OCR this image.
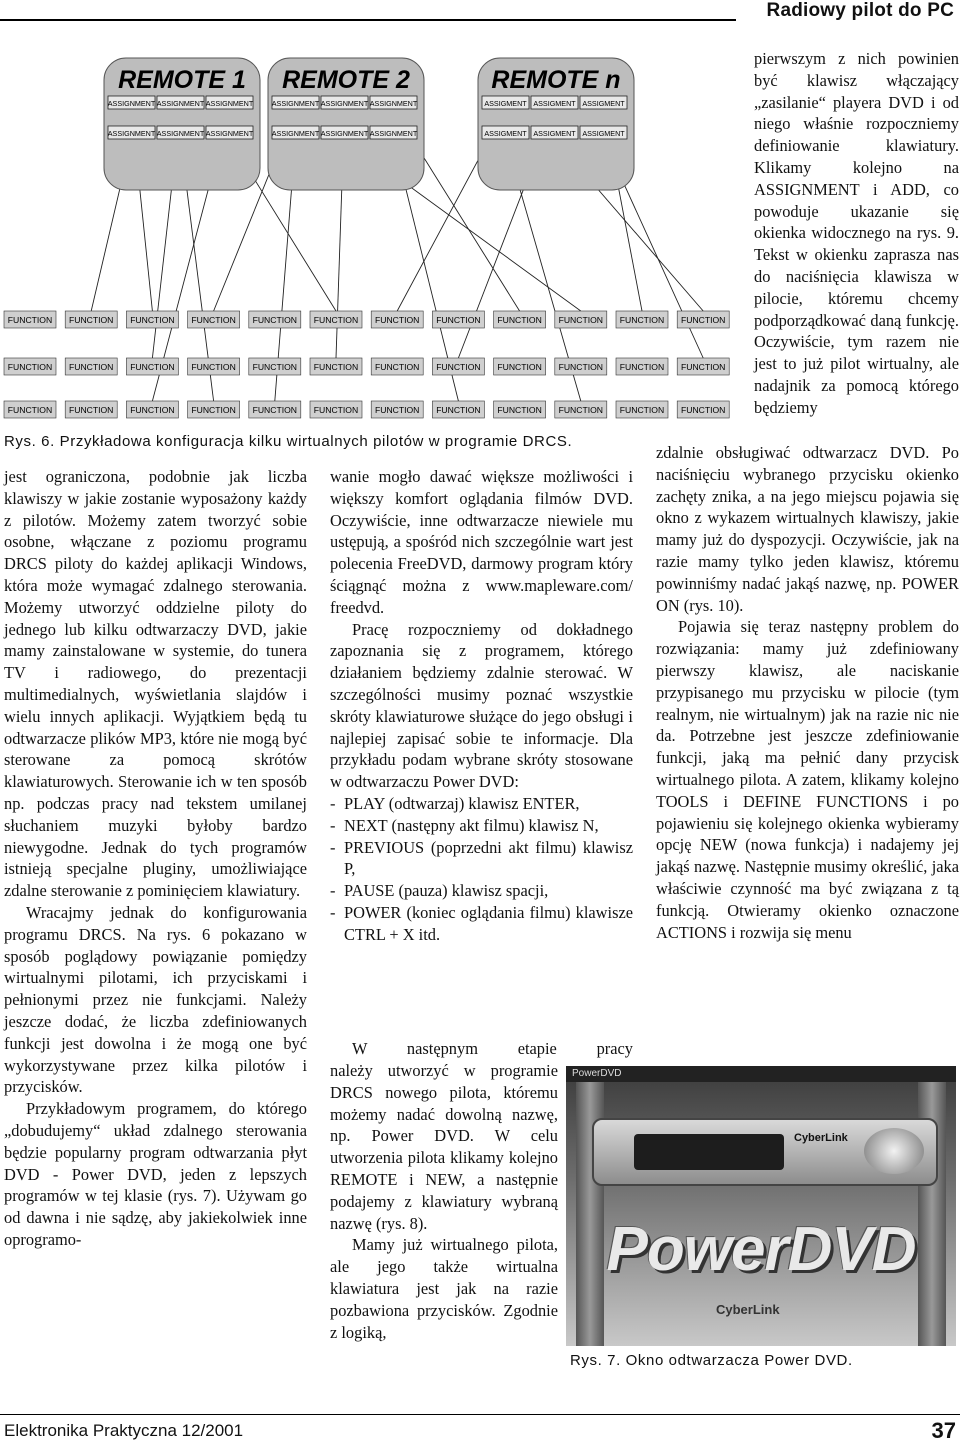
Radiowy pilot do PC
REMOTE 1 REMOTE 2	REMOTE n
ASSIGNMENT ASSIGNMENT ASSIGNMENT
ASSIGNMENT ASSIGNMENT ASSIGNMENT
ASSIGNMENT ASSIGNMENT ASSIGNMENT
ASSIGNMENT ASSIGNMENT ASSIGNMENT
ASSIGMENT ASSIGMENT ASSIGMENT
ASSIGMENT ASSIGMENT ASSIGMENT
FUNCTION FUNCTION FUNCTION FUNCTION FUNCTION FUNCTION FUNCTION FUNCTION FUNCTION FUNCTION FUNCTION FUNCTION
FUNCTION FUNCTION FUNCTION FUNCTION FUNCTION FUNCTION FUNCTION FUNCTION FUNCTION FUNCTION FUNCTION FUNCTION
FUNCTION FUNCTION FUNCTION FUNCTION FUNCTION FUNCTION FUNCTION FUNCTION FUNCTION FUNCTION FUNCTION FUNCTION
Rys. 6. Przykładowa konfiguracja kilku wirtualnych pilotów w programie DRCS.

jest ograniczona, podobnie jak liczba klawiszy w jakie zostanie wyposażony każdy z pilotów. Możemy zatem tworzyć sobie osobne, włączane z poziomu programu DRCS piloty do każdej aplikacji Windows, która może wymagać zdalnego sterowania. Możemy utworzyć oddzielne piloty do jednego lub kilku odtwarzaczy DVD, jakie mamy zainstalowane w systemie, do tunera TV i radiowego, do prezentacji multimedialnych, wyświetlania slajdów i wielu innych aplikacji. Wyjątkiem będą tu odtwarzacze plików MP3, które nie mogą być sterowane za pomocą skrótów klawiaturowych. Sterowanie ich w ten sposób np. podczas pracy nad tekstem umilanej słuchaniem muzyki byłoby bardzo niewygodne. Jednak do tych programów istnieją specjalne pluginy, umożliwiające zdalne sterowanie z pominięciem klawiatury.

Wracajmy jednak do konfigurowania programu DRCS. Na rys. 6 pokazano w sposób poglądowy powiązanie pomiędzy wirtualnymi pilotami, ich przyciskami i pełnionymi przez nie funkcjami. Należy jeszcze dodać, że liczba zdefiniowanych funkcji jest dowolna i że mogą one być wykorzystywane przez kilka pilotów i przycisków.

Przykładowym programem, do którego „dobudujemy“ układ zdalnego sterowania będzie popularny program odtwarzania płyt DVD - Power DVD, jeden z lepszych programów w tej klasie (rys. 7). Używam go od dawna i nie sądzę, aby jakiekolwiek inne oprogramo-

wanie mogło dawać większe możliwości i większy komfort oglądania filmów DVD. Oczywiście, inne odtwarzacze niewiele mu ustępują, a spośród nich szczególnie wart jest polecenia FreeDVD, darmowy program który ściągnąć można z www.mapleware.com/ freedvd.

Pracę rozpoczniemy od dokładnego zapoznania się z programem, którego działaniem będziemy zdalnie sterować. W szczególności musimy poznać wszystkie skróty klawiaturowe służące do jego obsługi i najlepiej zapisać sobie te informacje. Dla przykładu podam wybrane skróty stosowane w odtwarzaczu Power DVD:

- PLAY (odtwarzaj) klawisz ENTER,

- NEXT (następny akt filmu) klawisz N,

- PREVIOUS (poprzedni akt filmu) klawisz P,

- PAUSE (pauza) klawisz spacji,

- POWER (koniec oglądania filmu) klawisze CTRL + X itd.

W następnym etapie pracy

należy utworzyć w programie DRCS nowego pilota, któremu możemy nadać dowolną nazwę, np. Power DVD. W celu utworzenia pilota klikamy kolejno REMOTE i NEW, a następnie podajemy z klawiatury wybraną nazwę (rys. 8).

Mamy już wirtualnego pilota, ale jego także wirtualna klawiatura jest jak na razie pozbawiona przycisków. Zgodnie z logiką,

pierwszym z nich powinien być klawisz włączający „zasilanie“ playera DVD i od niego właśnie rozpoczniemy definiowanie klawiatury. Klikamy kolejno na ASSIGNMENT i ADD, co powoduje ukazanie się okienka widocznego na rys. 9. Tekst w okienku zaprasza nas do naciśnięcia klawisza w pilocie, któremu chcemy podporządkować daną funkcję. Oczywiście, tym razem nie jest to już pilot wirtualny, ale nadajnik za pomocą którego będziemy

zdalnie obsługiwać odtwarzacz DVD. Po naciśnięciu wybranego przycisku okienko zachęty znika, a na jego miejscu pojawia się okno z wykazem wirtualnych klawiszy, jakie mamy już do dyspozycji. Oczywiście, jak na razie mamy tylko jeden klawisz, któremu powinniśmy nadać jakąś nazwę, np. POWER ON (rys. 10).

Pojawia się teraz następny problem do rozwiązania: mamy już zdefiniowany pierwszy klawisz, ale naciskanie przypisanego mu przycisku w pilocie (tym realnym, nie wirtualnym) jak na razie nic nie da. Potrzebne jest jeszcze zdefiniowanie funkcji, jaką ma pełnić dany przycisk wirtualnego pilota. A zatem, klikamy kolejno TOOLS i DEFINE FUNCTIONS i po pojawieniu się kolejnego okienka wybieramy opcję NEW (nowa funkcja) i nadajemy jej jakąś nazwę. Następnie musimy określić, jaka właściwie czynność ma być związana z tą funkcją. Otwieramy okienko oznaczone ACTIONS i rozwija się menu

PowerDVD
CyberLink
PowerDVD
CyberLink
Rys. 7. Okno odtwarzacza Power DVD.
Elektronika Praktyczna 12/2001	37
